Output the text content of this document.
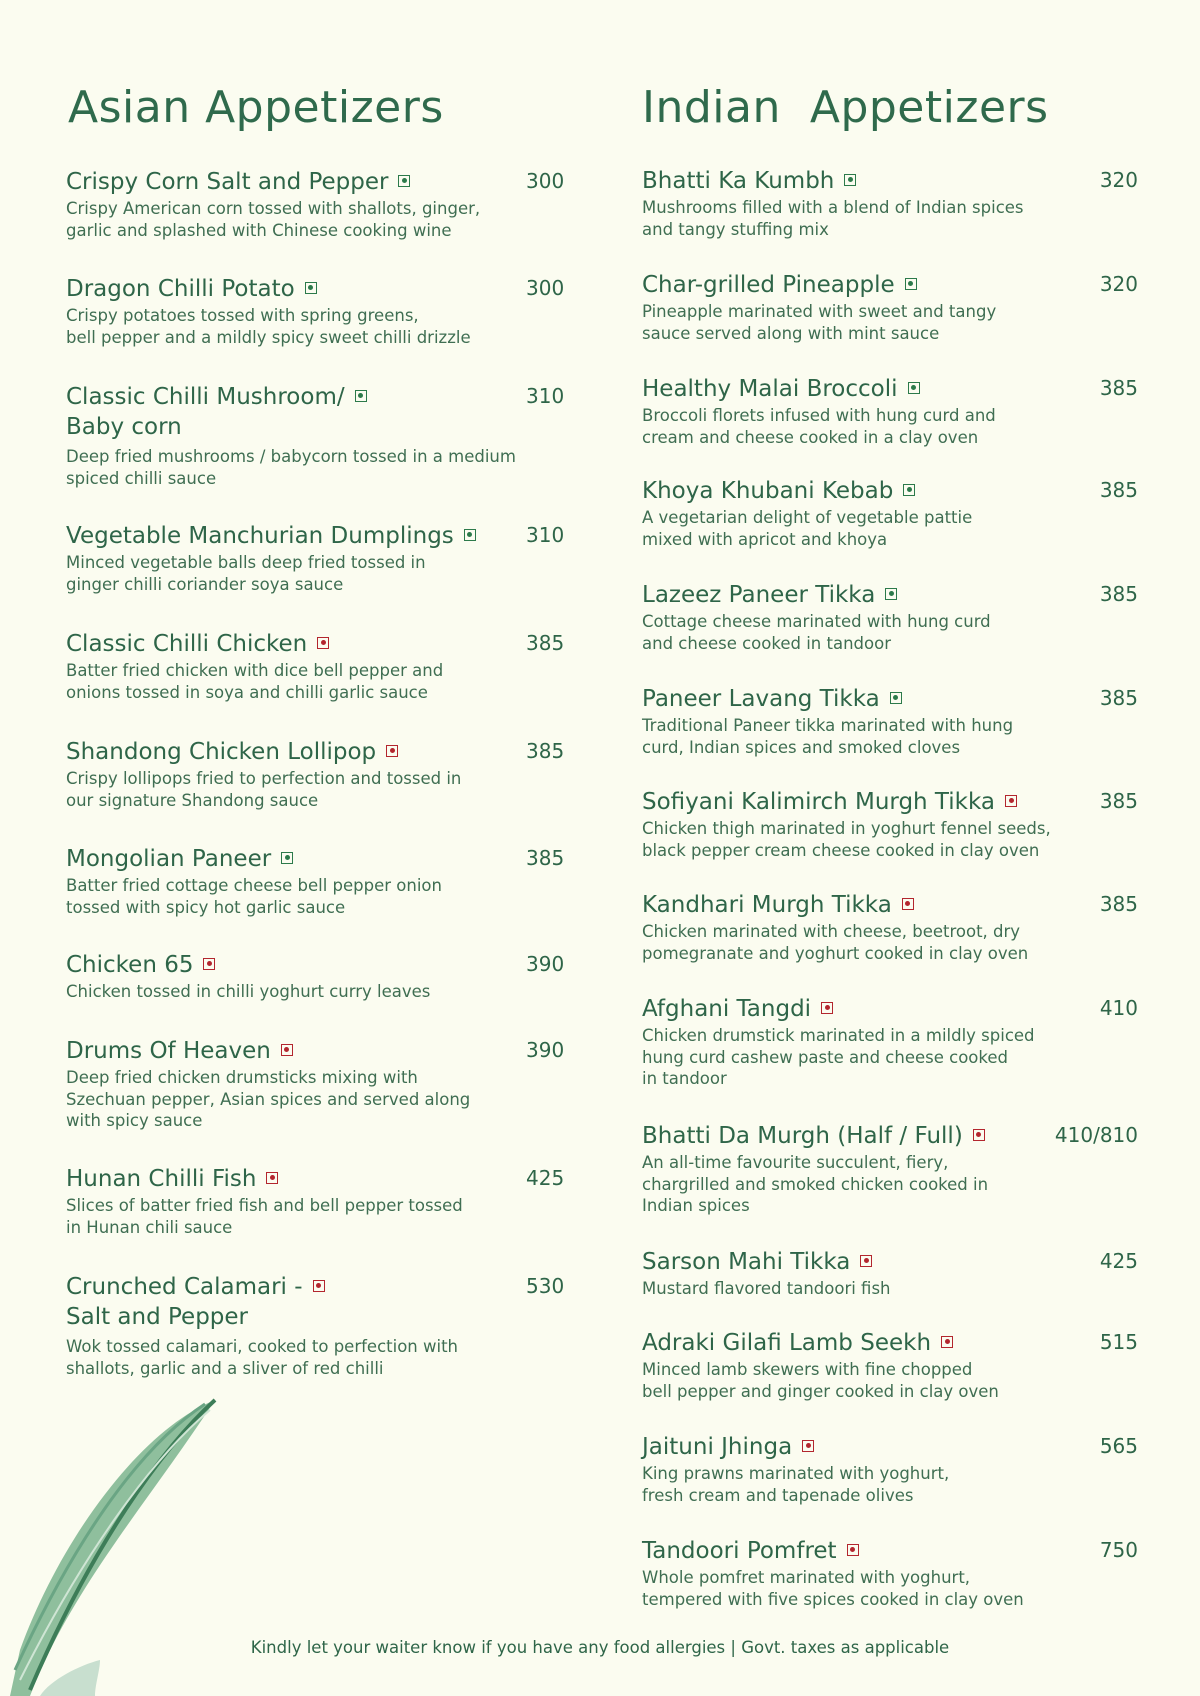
Asian Appetizers	Indian  Appetizers
Crispy Corn Salt and Pepper
Crispy American corn tossed with shallots, ginger,
garlic and splashed with Chinese cooking wine
300
Dragon Chilli Potato
Crispy potatoes tossed with spring greens,
bell pepper and a mildly spicy sweet chilli drizzle
300
Classic Chilli Mushroom/
Baby corn
Deep fried mushrooms / babycorn tossed in a medium
spiced chilli sauce
310
Vegetable Manchurian Dumplings
Minced vegetable balls deep fried tossed in
ginger chilli coriander soya sauce
310
Classic Chilli Chicken
Batter fried chicken with dice bell pepper and
onions tossed in soya and chilli garlic sauce
385
Shandong Chicken Lollipop
Crispy lollipops fried to perfection and tossed in
our signature Shandong sauce
385
Mongolian Paneer
Batter fried cottage cheese bell pepper onion
tossed with spicy hot garlic sauce
385
Chicken 65
Chicken tossed in chilli yoghurt curry leaves
390
Drums Of Heaven
Deep fried chicken drumsticks mixing with
Szechuan pepper, Asian spices and served along
with spicy sauce
390
Hunan Chilli Fish
Slices of batter fried fish and bell pepper tossed
in Hunan chili sauce
425
Crunched Calamari -
Salt and Pepper
Wok tossed calamari, cooked to perfection with
shallots, garlic and a sliver of red chilli
530
Bhatti Ka Kumbh
Mushrooms filled with a blend of Indian spices
and tangy stuffing mix
320
Char-grilled Pineapple
Pineapple marinated with sweet and tangy
sauce served along with mint sauce
320
Healthy Malai Broccoli
Broccoli florets infused with hung curd and
cream and cheese cooked in a clay oven
385
Khoya Khubani Kebab
A vegetarian delight of vegetable pattie
mixed with apricot and khoya
385
Lazeez Paneer Tikka
Cottage cheese marinated with hung curd
and cheese cooked in tandoor
385
Paneer Lavang Tikka
Traditional Paneer tikka marinated with hung
curd, Indian spices and smoked cloves
385
Sofiyani Kalimirch Murgh Tikka
Chicken thigh marinated in yoghurt fennel seeds,
black pepper cream cheese cooked in clay oven
385
Kandhari Murgh Tikka
Chicken marinated with cheese, beetroot, dry
pomegranate and yoghurt cooked in clay oven
385
Afghani Tangdi
Chicken drumstick marinated in a mildly spiced
hung curd cashew paste and cheese cooked
in tandoor
410
Bhatti Da Murgh (Half / Full)
An all-time favourite succulent, fiery,
chargrilled and smoked chicken cooked in
Indian spices
410/810
Sarson Mahi Tikka
Mustard flavored tandoori fish
425
Adraki Gilafi Lamb Seekh
Minced lamb skewers with fine chopped
bell pepper and ginger cooked in clay oven
515
Jaituni Jhinga
King prawns marinated with yoghurt,
fresh cream and tapenade olives
565
Tandoori Pomfret
Whole pomfret marinated with yoghurt,
tempered with five spices cooked in clay oven
750
Kindly let your waiter know if you have any food allergies | Govt. taxes as applicable
